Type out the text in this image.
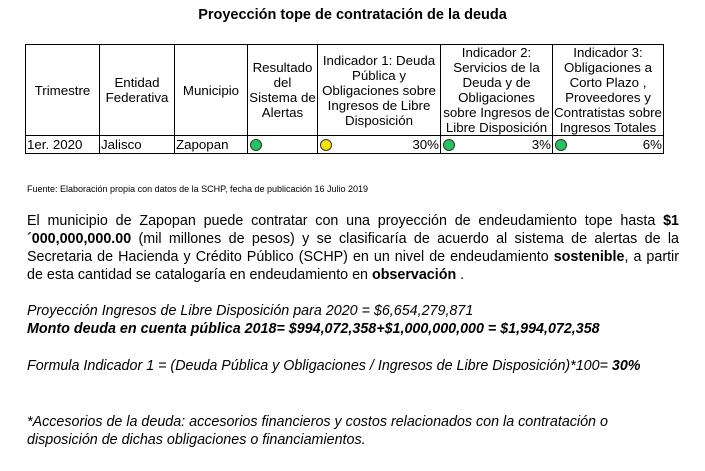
Proyección tope de contratación de la deuda
Trimestre	Entidad Federativa	Municipio	Resultado del Sistema de Alertas	Indicador 1: Deuda Pública y Obligaciones sobre Ingresos de Libre Disposición	Indicador 2: Servicios de la Deuda y de Obligaciones sobre Ingresos de Libre Disposición	Indicador 3: Obligaciones a Corto Plazo , Proveedores y Contratistas sobre Ingresos Totales
1er. 2020	Jalisco	Zapopan		30%	3%	6%
Fuente: Elaboración propia con datos de la SCHP, fecha de publicación 16 Julio 2019
El municipio de Zapopan puede contratar con una proyección de endeudamiento tope hasta $1´000,000,000.00 (mil millones de pesos) y se clasificaría de acuerdo al sistema de alertas de la Secretaria de Hacienda y Crédito Público (SCHP) en un nivel de endeudamiento sostenible, a partir de esta cantidad se catalogaría en endeudamiento en observación .
Proyección Ingresos de Libre Disposición para 2020 = $6,654,279,871
Monto deuda en cuenta pública 2018= $994,072,358+$1,000,000,000 = $1,994,072,358
Formula Indicador 1 = (Deuda Pública y Obligaciones / Ingresos de Libre Disposición)*100= 30%
*Accesorios de la deuda: accesorios financieros y costos relacionados con la contratación o disposición de dichas obligaciones o financiamientos.
